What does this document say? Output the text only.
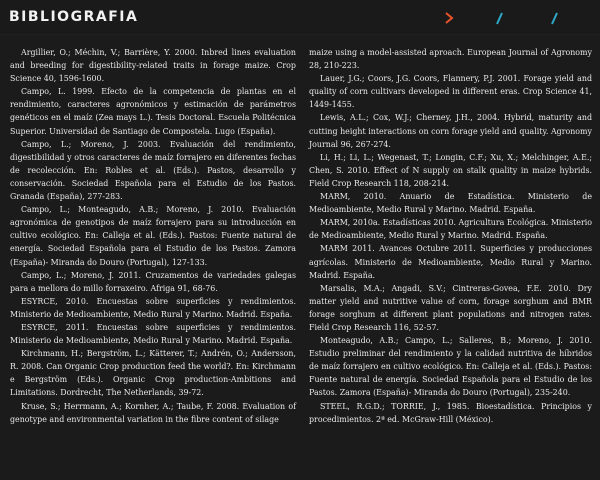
BIBLIOGRAFIA
Argillier, O.; Méchin, V.; Barrière, Y. 2000. Inbred lines evaluation and breeding for digestibility-related traits in forage maize. Crop Science 40, 1596-1600.
Campo, L. 1999. Efecto de la competencia de plantas en el rendimiento, caracteres agronómicos y estimación de parámetros genéticos en el maíz (Zea mays L.). Tesis Doctoral. Escuela Politécnica Superior. Universidad de Santiago de Compostela. Lugo (España).
Campo, L.; Moreno, J. 2003. Evaluación del rendimiento, digestibilidad y otros caracteres de maíz forrajero en diferentes fechas de recolección. En: Robles et al. (Eds.). Pastos, desarrollo y conservación. Sociedad Española para el Estudio de los Pastos. Granada (España), 277-283.
Campo, L.; Monteagudo, A.B.; Moreno, J. 2010. Evaluación agronómica de genotipos de maíz forrajero para su introducción en cultivo ecológico. En: Calleja et al. (Eds.). Pastos: Fuente natural de energía. Sociedad Española para el Estudio de los Pastos. Zamora (España)- Miranda do Douro (Portugal), 127-133.
Campo, L.; Moreno, J. 2011. Cruzamentos de variedades galegas para a mellora do millo forraxeiro. Afriga 91, 68-76.
ESYRCE, 2010. Encuestas sobre superficies y rendimientos. Ministerio de Medioambiente, Medio Rural y Marino. Madrid. España.
ESYRCE, 2011. Encuestas sobre superficies y rendimientos. Ministerio de Medioambiente, Medio Rural y Marino. Madrid. España.
Kirchmann, H.; Bergström, L.; Kätterer, T.; Andrén, O.; Andersson, R. 2008. Can Organic Crop production feed the world?. En: Kirchmann e Bergström (Eds.). Organic Crop production-Ambitions and Limitations. Dordrecht, The Netherlands, 39-72.
Kruse, S.; Herrmann, A.; Kornher, A.; Taube, F. 2008. Evaluation of genotype and environmental variation in the fibre content of silage
maize using a model-assisted aproach. European Journal of Agronomy 28, 210-223.
Lauer, J.G.; Coors, J.G. Coors, Flannery, P.J. 2001. Forage yield and quality of corn cultivars developed in different eras. Crop Science 41, 1449-1455.
Lewis, A.L.; Cox, W.J.; Cherney, J.H., 2004. Hybrid, maturity and cutting height interactions on corn forage yield and quality. Agronomy Journal 96, 267-274.
Li, H.; Li, L.; Wegenast, T.; Longin, C.F.; Xu, X.; Melchinger, A.E.; Chen, S. 2010. Effect of N supply on stalk quality in maize hybrids. Field Crop Research 118, 208-214.
MARM, 2010. Anuario de Estadística. Ministerio de Medioambiente, Medio Rural y Marino. Madrid. España.
MARM, 2010a. Estadísticas 2010. Agricultura Ecológica. Ministerio de Medioambiente, Medio Rural y Marino. Madrid. España.
MARM 2011. Avances Octubre 2011. Superficies y producciones agrícolas. Ministerio de Medioambiente, Medio Rural y Marino. Madrid. España.
Marsalis, M.A.; Angadi, S.V.; Cintreras-Govea, F.E. 2010. Dry matter yield and nutritive value of corn, forage sorghum and BMR forage sorghum at different plant populations and nitrogen rates. Field Crop Research 116, 52-57.
Monteagudo, A.B.; Campo, L.; Salleres, B.; Moreno, J. 2010. Estudio preliminar del rendimiento y la calidad nutritiva de híbridos de maíz forrajero en cultivo ecológico. En: Calleja et al. (Eds.). Pastos: Fuente natural de energía. Sociedad Española para el Estudio de los Pastos. Zamora (España)- Miranda do Douro (Portugal), 235-240.
STEEL, R.G.D.; TORRIE, J., 1985. Bioestadística. Principios y procedimientos. 2ª ed. McGraw-Hill (México).
